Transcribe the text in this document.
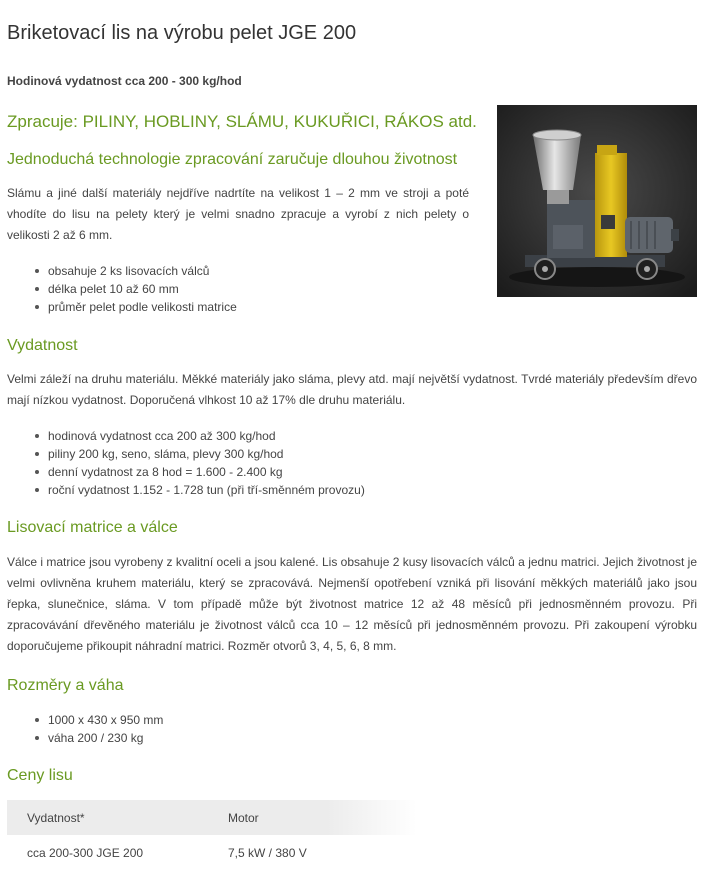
Briketovací lis na výrobu pelet JGE 200

Hodinová vydatnost cca 200 - 300 kg/hod

Zpracuje: PILINY, HOBLINY, SLÁMU, KUKUŘICI, RÁKOS atd.
Jednoduchá technologie zpracování zaručuje dlouhou životnost

Slámu a jiné další materiály nejdříve nadrtíte na velikost 1 – 2 mm ve stroji a poté vhodíte do lisu na pelety který je velmi snadno zpracuje a vyrobí z nich pelety o velikosti 2 až 6 mm.

obsahuje 2 ks lisovacích válců
délka pelet 10 až 60 mm
průměr pelet podle velikosti matrice
Vydatnost

Velmi záleží na druhu materiálu. Měkké materiály jako sláma, plevy atd. mají největší vydatnost. Tvrdé materiály především dřevo mají nízkou vydatnost. Doporučená vlhkost 10 až 17% dle druhu materiálu.

hodinová vydatnost cca 200 až 300 kg/hod
piliny 200 kg, seno, sláma, plevy 300 kg/hod
denní vydatnost za 8 hod = 1.600 - 2.400 kg
roční vydatnost 1.152 - 1.728 tun (při tří-směnném provozu)
Lisovací matrice a válce

Válce i matrice jsou vyrobeny z kvalitní oceli a jsou kalené. Lis obsahuje 2 kusy lisovacích válců a jednu matrici. Jejich životnost je velmi ovlivněna kruhem materiálu, který se zpracovává. Nejmenší opotřebení vzniká při lisování měkkých materiálů jako jsou řepka, slunečnice, sláma. V tom případě může být životnost matrice 12 až 48 měsíců při jednosměnném provozu. Při zpracovávání dřevěného materiálu je životnost válců cca 10 – 12 měsíců při jednosměnném provozu. Při zakoupení výrobku doporučujeme přikoupit náhradní matrici. Rozměr otvorů 3, 4, 5, 6, 8 mm.

Rozměry a váha
1000 x 430 x 950 mm
váha 200 / 230 kg
Ceny lisu
Vydatnost*	Motor
cca 200-300 JGE 200	7,5 kW / 380 V
